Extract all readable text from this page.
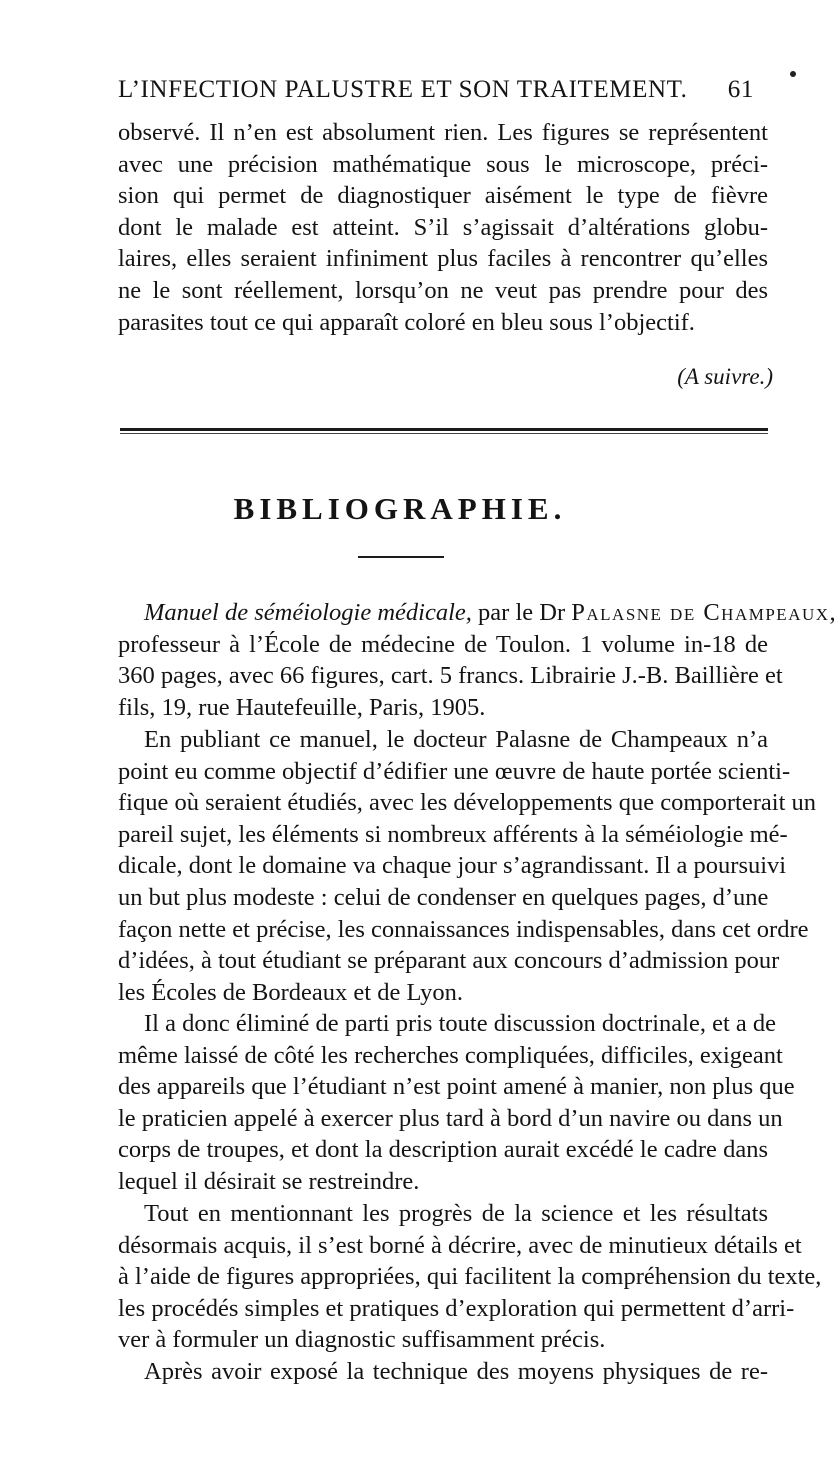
L’INFECTION PALUSTRE ET SON TRAITEMENT. 61
observé. Il n’en est absolument rien. Les figures se représentent
avec une précision mathématique sous le microscope, préci-
sion qui permet de diagnostiquer aisément le type de fièvre
dont le malade est atteint. S’il s’agissait d’altérations globu-
laires, elles seraient infiniment plus faciles à rencontrer qu’elles
ne le sont réellement, lorsqu’on ne veut pas prendre pour des
parasites tout ce qui apparaît coloré en bleu sous l’objectif.
(A suivre.)
BIBLIOGRAPHIE.
Manuel de séméiologie médicale, par le Dr Palasne de Champeaux,
professeur à l’École de médecine de Toulon. 1 volume in-18 de
360 pages, avec 66 figures, cart. 5 francs. Librairie J.-B. Baillière et
fils, 19, rue Hautefeuille, Paris, 1905.
En publiant ce manuel, le docteur Palasne de Champeaux n’a
point eu comme objectif d’édifier une œuvre de haute portée scienti-
fique où seraient étudiés, avec les développements que comporterait un
pareil sujet, les éléments si nombreux afférents à la séméiologie mé-
dicale, dont le domaine va chaque jour s’agrandissant. Il a poursuivi
un but plus modeste : celui de condenser en quelques pages, d’une
façon nette et précise, les connaissances indispensables, dans cet ordre
d’idées, à tout étudiant se préparant aux concours d’admission pour
les Écoles de Bordeaux et de Lyon.
Il a donc éliminé de parti pris toute discussion doctrinale, et a de
même laissé de côté les recherches compliquées, difficiles, exigeant
des appareils que l’étudiant n’est point amené à manier, non plus que
le praticien appelé à exercer plus tard à bord d’un navire ou dans un
corps de troupes, et dont la description aurait excédé le cadre dans
lequel il désirait se restreindre.
Tout en mentionnant les progrès de la science et les résultats
désormais acquis, il s’est borné à décrire, avec de minutieux détails et
à l’aide de figures appropriées, qui facilitent la compréhension du texte,
les procédés simples et pratiques d’exploration qui permettent d’arri-
ver à formuler un diagnostic suffisamment précis.
Après avoir exposé la technique des moyens physiques de re-
